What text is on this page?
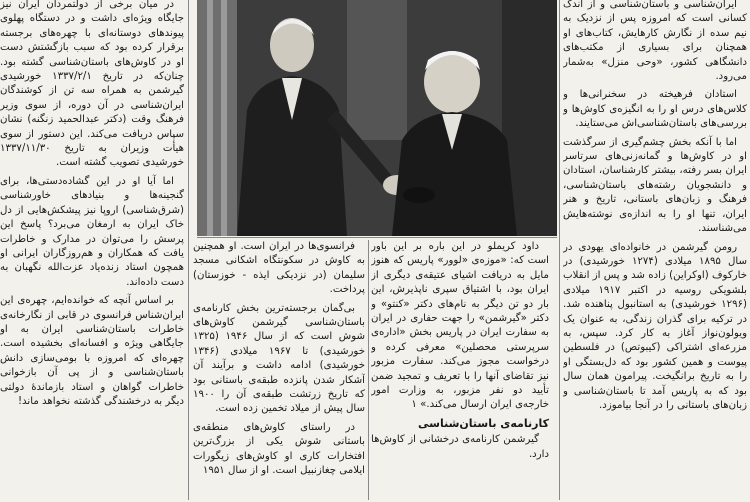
ایران‌شناسی و باستان‌شناسی و از اندک کسانی است که امروزه پس از نزدیک به نیم سده از نگارش کارهایش، کتاب‌های او همچنان برای بسیاری از مکتب‌های دانشگاهی کشور، «وحی منزل» به‌شمار می‌رود.

استادان فرهیخته در سخنرانی‌ها و کلاس‌های درس او را به انگیزه‌ی کاوش‌ها و بررسی‌های باستان‌شناسی‌اش می‌ستایند.

اما با آنکه بخش چشم‌گیری از سرگذشت او در کاوش‌ها و گمانه‌زنی‌های سرتاسر ایران بسر رفته، بیشتر کارشناسان، استادان و دانشجویان رشته‌های باستان‌شناسی، فرهنگ و زبان‌های باستانی، تاریخ و هنر ایران، تنها او را به اندازه‌ی نوشته‌هایش می‌شناسند.

رومن گیرشمن در خانواده‌ای یهودی در سال ۱۸۹۵ میلادی (۱۲۷۴ خورشیدی) در خارکوف (اوکراین) زاده شد و پس از انقلاب بلشویکی روسیه در اکتبر ۱۹۱۷ میلادی (۱۲۹۶ خورشیدی) به استانبول پناهنده شد. در ترکیه برای گذران زندگی، به عنوان یک ویولون‌نواز آغاز به کار کرد. سپس، به مزرعه‌ای اشتراکی (کیبوتص) در فلسطین پیوست و همین کشور بود که دل‌بستگی او را به تاریخ برانگیخت. پیرامون همان سال بود که به پاریس آمد تا باستان‌شناسی و زبان‌های باستانی را در آنجا بیاموزد.

داود کریملو در این باره بر این باور است که: «موزه‌ی «لوور» پاریس که هنوز مایل به دریافت اشیای عتیقه‌ی دیگری از ایران بود، با اشتیاق سپری ناپذیرش، این بار دو تن دیگر به نام‌های دکتر «کنتو» و دکتر «گیرشمن» را جهت حفاری در ایران به سفارت ایران در پاریس بخش «اداره‌ی سرپرستی محصلین» معرفی کرده و درخواست مجوز می‌کند. سفارت مزبور نیز تقاضای آنها را با تعریف و تمجید ضمن تأیید دو نفر مزبور، به وزارت امور خارجه‌ی ایران ارسال می‌کند.» ۱

کارنامه‌ی باستان‌شناسی

گیرشمن کارنامه‌ی درخشانی از کاوش‌ها دارد.

فرانسوی‌ها در ایران است. او همچنین به کاوش در سکونتگاه اشکانی مسجد سلیمان (در نزدیکی ایذه - خوزستان) پرداخت.

بی‌گمان برجسته‌ترین بخش کارنامه‌ی باستان‌شناسی گیرشمن کاوش‌های شوش است که از سال ۱۹۴۶ (۱۳۲۵ خورشیدی) تا ۱۹۶۷ میلادی (۱۳۴۶ خورشیدی) ادامه داشت و برآیند آن آشکار شدن پانزده طبقه‌ی باستانی بود که تاریخ زرتشت طبقه‌ی آن را ۱۹۰۰ سال پیش از میلاد تخمین زده است.

در راستای کاوش‌های منطقه‌ی باستانی شوش یکی از بزرگ‌ترین افتخارات کاری او کاوش‌های زیگورات ایلامی چغازنبیل است. او از سال ۱۹۵۱

در میان برخی از دولتمردان ایران نیز جایگاه ویژه‌ای داشت و در دستگاه پهلوی پیوندهای دوستانه‌ای با چهره‌های برجسته برقرار کرده بود که سبب بازگشتش دست او در کاوش‌های باستان‌شناسی گشته بود. چنان‌که در تاریخ ۱۳۳۷/۲/۱ خورشیدی گیرشمن به همراه سه تن از کوشندگان ایران‌شناسی در آن دوره، از سوی وزیر فرهنگ وقت (دکتر عبدالحمید زنگنه) نشان سپاس دریافت می‌کند. این دستور از سوی هیأت وزیران به تاریخ ۱۳۳۷/۱۱/۳۰ خورشیدی تصویب گشته است.

اما آیا او در این گشاده‌دستی‌ها، برای گنجینه‌ها و بنیادهای خاورشناسی (شرق‌شناسی) اروپا نیز پیشکش‌هایی از دل خاک ایران به ارمغان می‌برد؟ پاسخ این پرسش را می‌توان در مدارک و خاطرات یافت که همکاران و هم‌روزگاران ایرانی او همچون استاد زنده‌یاد عزت‌الله نگهبان به دست داده‌اند.

بر اساس آنچه که خوانده‌ایم، چهره‌ی این ایران‌شناس فرانسوی در قابی از نگارخانه‌ی خاطرات باستان‌شناسی ایران به او جایگاهی ویژه و افسانه‌ای بخشیده است. چهره‌ای که امروزه با بومی‌سازی دانش باستان‌شناسی و از پی آن بازخوانی خاطرات گواهان و استاد بازماندهٔ دولتی دیگر به درخشندگی گذشته نخواهد ماند!
